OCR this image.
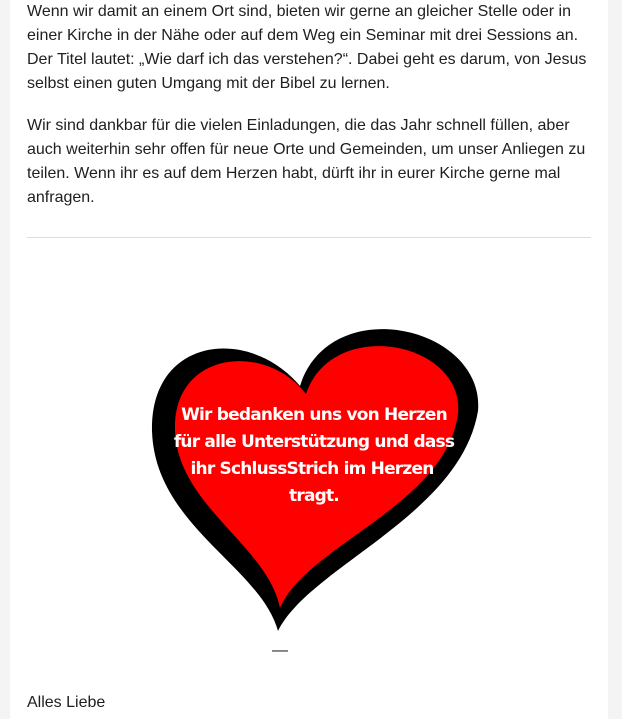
Wenn wir damit an einem Ort sind, bieten wir gerne an gleicher Stelle oder in einer Kirche in der Nähe oder auf dem Weg ein Seminar mit drei Sessions an. Der Titel lautet: „Wie darf ich das verstehen?“. Dabei geht es darum, von Jesus selbst einen guten Umgang mit der Bibel zu lernen.

Wir sind dankbar für die vielen Einladungen, die das Jahr schnell füllen, aber auch weiterhin sehr offen für neue Orte und Gemeinden, um unser Anliegen zu teilen. Wenn ihr es auf dem Herzen habt, dürft ihr in eurer Kirche gerne mal anfragen.

Wir bedanken uns von Herzen
für alle Unterstützung und dass
ihr SchlussStrich im Herzen
tragt.
—
Alles Liebe
